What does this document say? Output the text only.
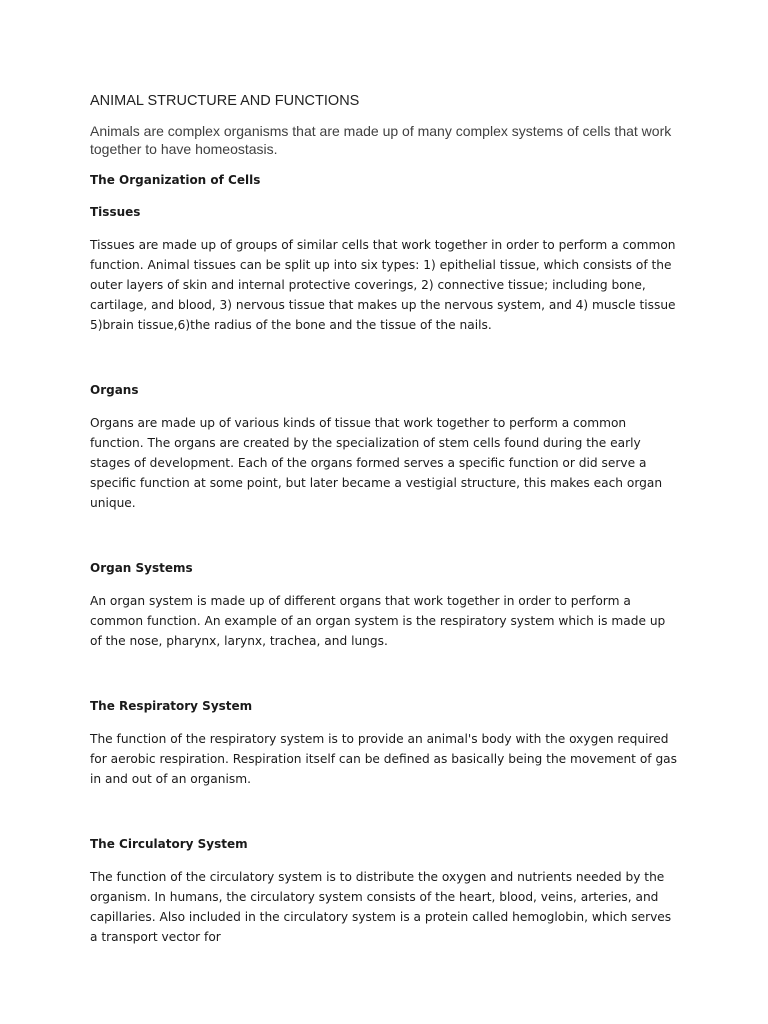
ANIMAL STRUCTURE AND FUNCTIONS

Animals are complex organisms that are made up of many complex systems of cells that work together to have homeostasis.

The Organization of Cells
Tissues

Tissues are made up of groups of similar cells that work together in order to perform a common function. Animal tissues can be split up into six types: 1) epithelial tissue, which consists of the outer layers of skin and internal protective coverings, 2) connective tissue; including bone, cartilage, and blood, 3) nervous tissue that makes up the nervous system, and 4) muscle tissue 5)brain tissue,6)the radius of the bone and the tissue of the nails.

Organs

Organs are made up of various kinds of tissue that work together to perform a common function. The organs are created by the specialization of stem cells found during the early stages of development. Each of the organs formed serves a specific function or did serve a specific function at some point, but later became a vestigial structure, this makes each organ unique.

Organ Systems

An organ system is made up of different organs that work together in order to perform a common function. An example of an organ system is the respiratory system which is made up of the nose, pharynx, larynx, trachea, and lungs.

The Respiratory System

The function of the respiratory system is to provide an animal's body with the oxygen required for aerobic respiration. Respiration itself can be defined as basically being the movement of gas in and out of an organism.

The Circulatory System

The function of the circulatory system is to distribute the oxygen and nutrients needed by the organism. In humans, the circulatory system consists of the heart, blood, veins, arteries, and capillaries. Also included in the circulatory system is a protein called hemoglobin, which serves a transport vector for
